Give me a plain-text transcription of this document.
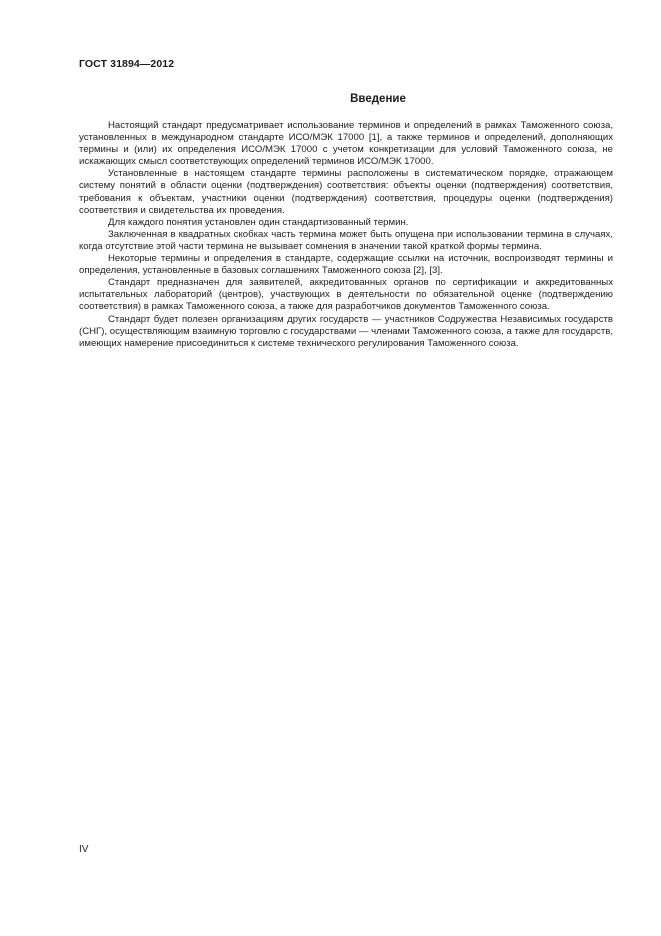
ГОСТ 31894—2012
Введение

Настоящий стандарт предусматривает использование терминов и определений в рамках Таможенного союза, установленных в международном стандарте ИСО/МЭК 17000 [1], а также терминов и определений, дополняющих термины и (или) их определения ИСО/МЭК 17000 с учетом конкретизации для условий Таможенного союза, не искажающих смысл соответствующих определений терминов ИСО/МЭК 17000.

Установленные в настоящем стандарте термины расположены в систематическом порядке, отражающем систему понятий в области оценки (подтверждения) соответствия: объекты оценки (подтверждения) соответствия, требования к объектам, участники оценки (подтверждения) соответствия, процедуры оценки (подтверждения) соответствия и свидетельства их проведения.

Для каждого понятия установлен один стандартизованный термин.

Заключенная в квадратных скобках часть термина может быть опущена при использовании термина в случаях, когда отсутствие этой части термина не вызывает сомнения в значении такой краткой формы термина.

Некоторые термины и определения в стандарте, содержащие ссылки на источник, воспроизводят термины и определения, установленные в базовых соглашениях Таможенного союза [2], [3].

Стандарт предназначен для заявителей, аккредитованных органов по сертификации и аккредитованных испытательных лабораторий (центров), участвующих в деятельности по обязательной оценке (подтверждению соответствия) в рамках Таможенного союза, а также для разработчиков документов Таможенного союза.

Стандарт будет полезен организациям других государств — участников Содружества Независимых государств (СНГ), осуществляющим взаимную торговлю с государствами — членами Таможенного союза, а также для государств, имеющих намерение присоединиться к системе технического регулирования Таможенного союза.

IV
